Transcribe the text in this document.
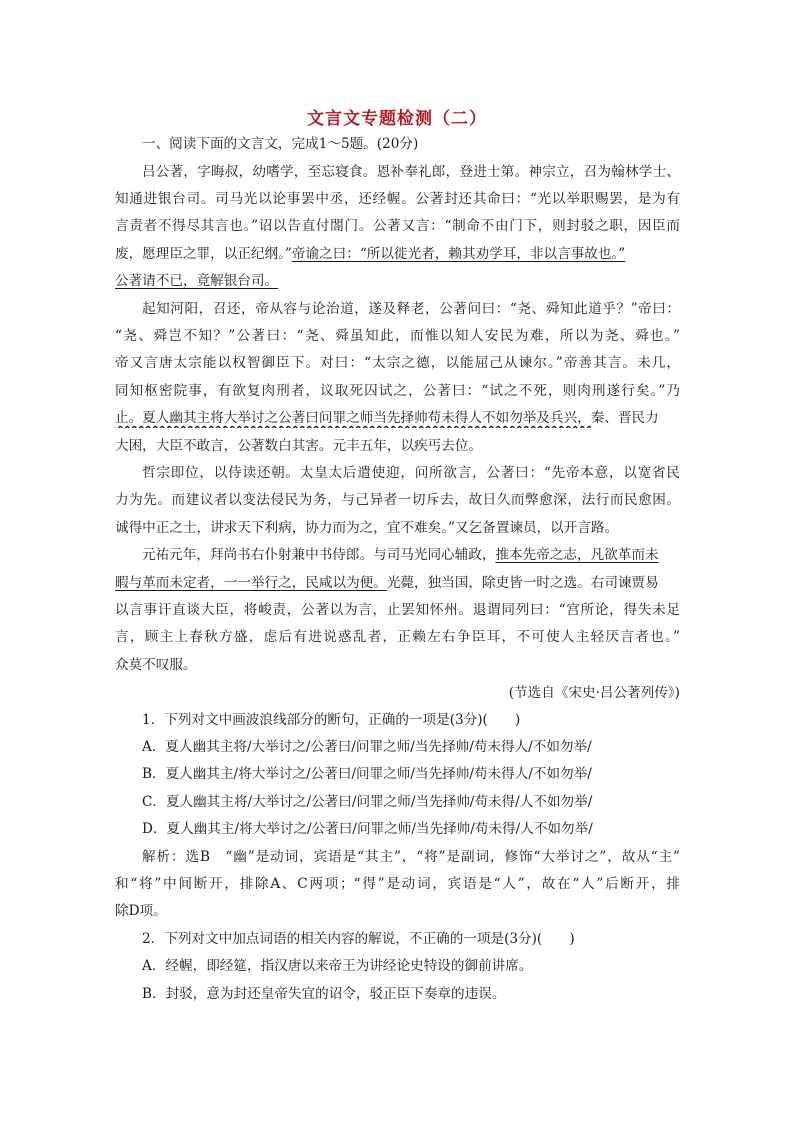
文言文专题检测（二）
一、阅读下面的文言文，完成1～5题。(20分)
吕公著，字晦叔，幼嗜学，至忘寝食。恩补奉礼郎，登进士第。神宗立，召为翰林学士、
知通进银台司。司马光以论事罢中丞，还经幄。公著封还其命曰：“光以举职赐罢，是为有
言责者不得尽其言也。”诏以告直付閤门。公著又言：“制命不由门下，则封驳之职，因臣而
废，愿理臣之罪，以正纪纲。”帝谕之曰：“所以徙光者，赖其劝学耳，非以言事故也。”
公著请不已，竟解银台司。
起知河阳，召还，帝从容与论治道，遂及释老，公著问曰：“尧、舜知此道乎？”帝曰：
“尧、舜岂不知？”公著曰：“尧、舜虽知此，而惟以知人安民为难，所以为尧、舜也。”
帝又言唐太宗能以权智御臣下。对曰：“太宗之德，以能屈己从谏尔。”帝善其言。未几，
同知枢密院事，有欲复肉刑者，议取死囚试之，公著曰：“试之不死，则肉刑遂行矣。”乃
止。夏人幽其主将大举讨之公著曰问罪之师当先择帅苟未得人不如勿举及兵兴，秦、晋民力
大困，大臣不敢言，公著数白其害。元丰五年，以疾丐去位。
哲宗即位，以侍读还朝。太皇太后遣使迎，问所欲言，公著曰：“先帝本意，以宽省民
力为先。而建议者以变法侵民为务，与己异者一切斥去，故日久而弊愈深，法行而民愈困。
诚得中正之士，讲求天下利病，协力而为之，宜不难矣。”又乞备置谏员，以开言路。
元祐元年，拜尚书右仆射兼中书侍郎。与司马光同心辅政，推本先帝之志，凡欲革而未
暇与革而未定者，一一举行之，民咸以为便。光薨，独当国，除吏皆一时之选。右司谏贾易
以言事讦直谈大臣，将峻责，公著以为言，止罢知怀州。退谓同列曰：“宫所论，得失未足
言，顾主上春秋方盛，虑后有进说惑乱者，正赖左右争臣耳，不可使人主轻厌言者也。”
众莫不叹服。
(节选自《宋史·吕公著列传》)
1．下列对文中画波浪线部分的断句，正确的一项是(3分)(　　)
A．夏人幽其主将/大举讨之/公著曰/问罪之师/当先择帅/苟未得人/不如勿举/
B．夏人幽其主/将大举讨之/公著曰/问罪之师/当先择帅/苟未得人/不如勿举/
C．夏人幽其主将/大举讨之/公著曰/问罪之师/当先择帅/苟未得/人不如勿举/
D．夏人幽其主/将大举讨之/公著曰/问罪之师/当先择帅/苟未得/人不如勿举/
解析：选B　“幽”是动词，宾语是“其主”，“将”是副词，修饰“大举讨之”，故从“主”
和“将”中间断开，排除A、C两项；“得”是动词，宾语是“人”，故在“人”后断开，排
除D项。
2．下列对文中加点词语的相关内容的解说，不正确的一项是(3分)(　　)
A．经幄，即经筵，指汉唐以来帝王为讲经论史特设的御前讲席。
B．封驳，意为封还皇帝失宜的诏令，驳正臣下奏章的违误。
